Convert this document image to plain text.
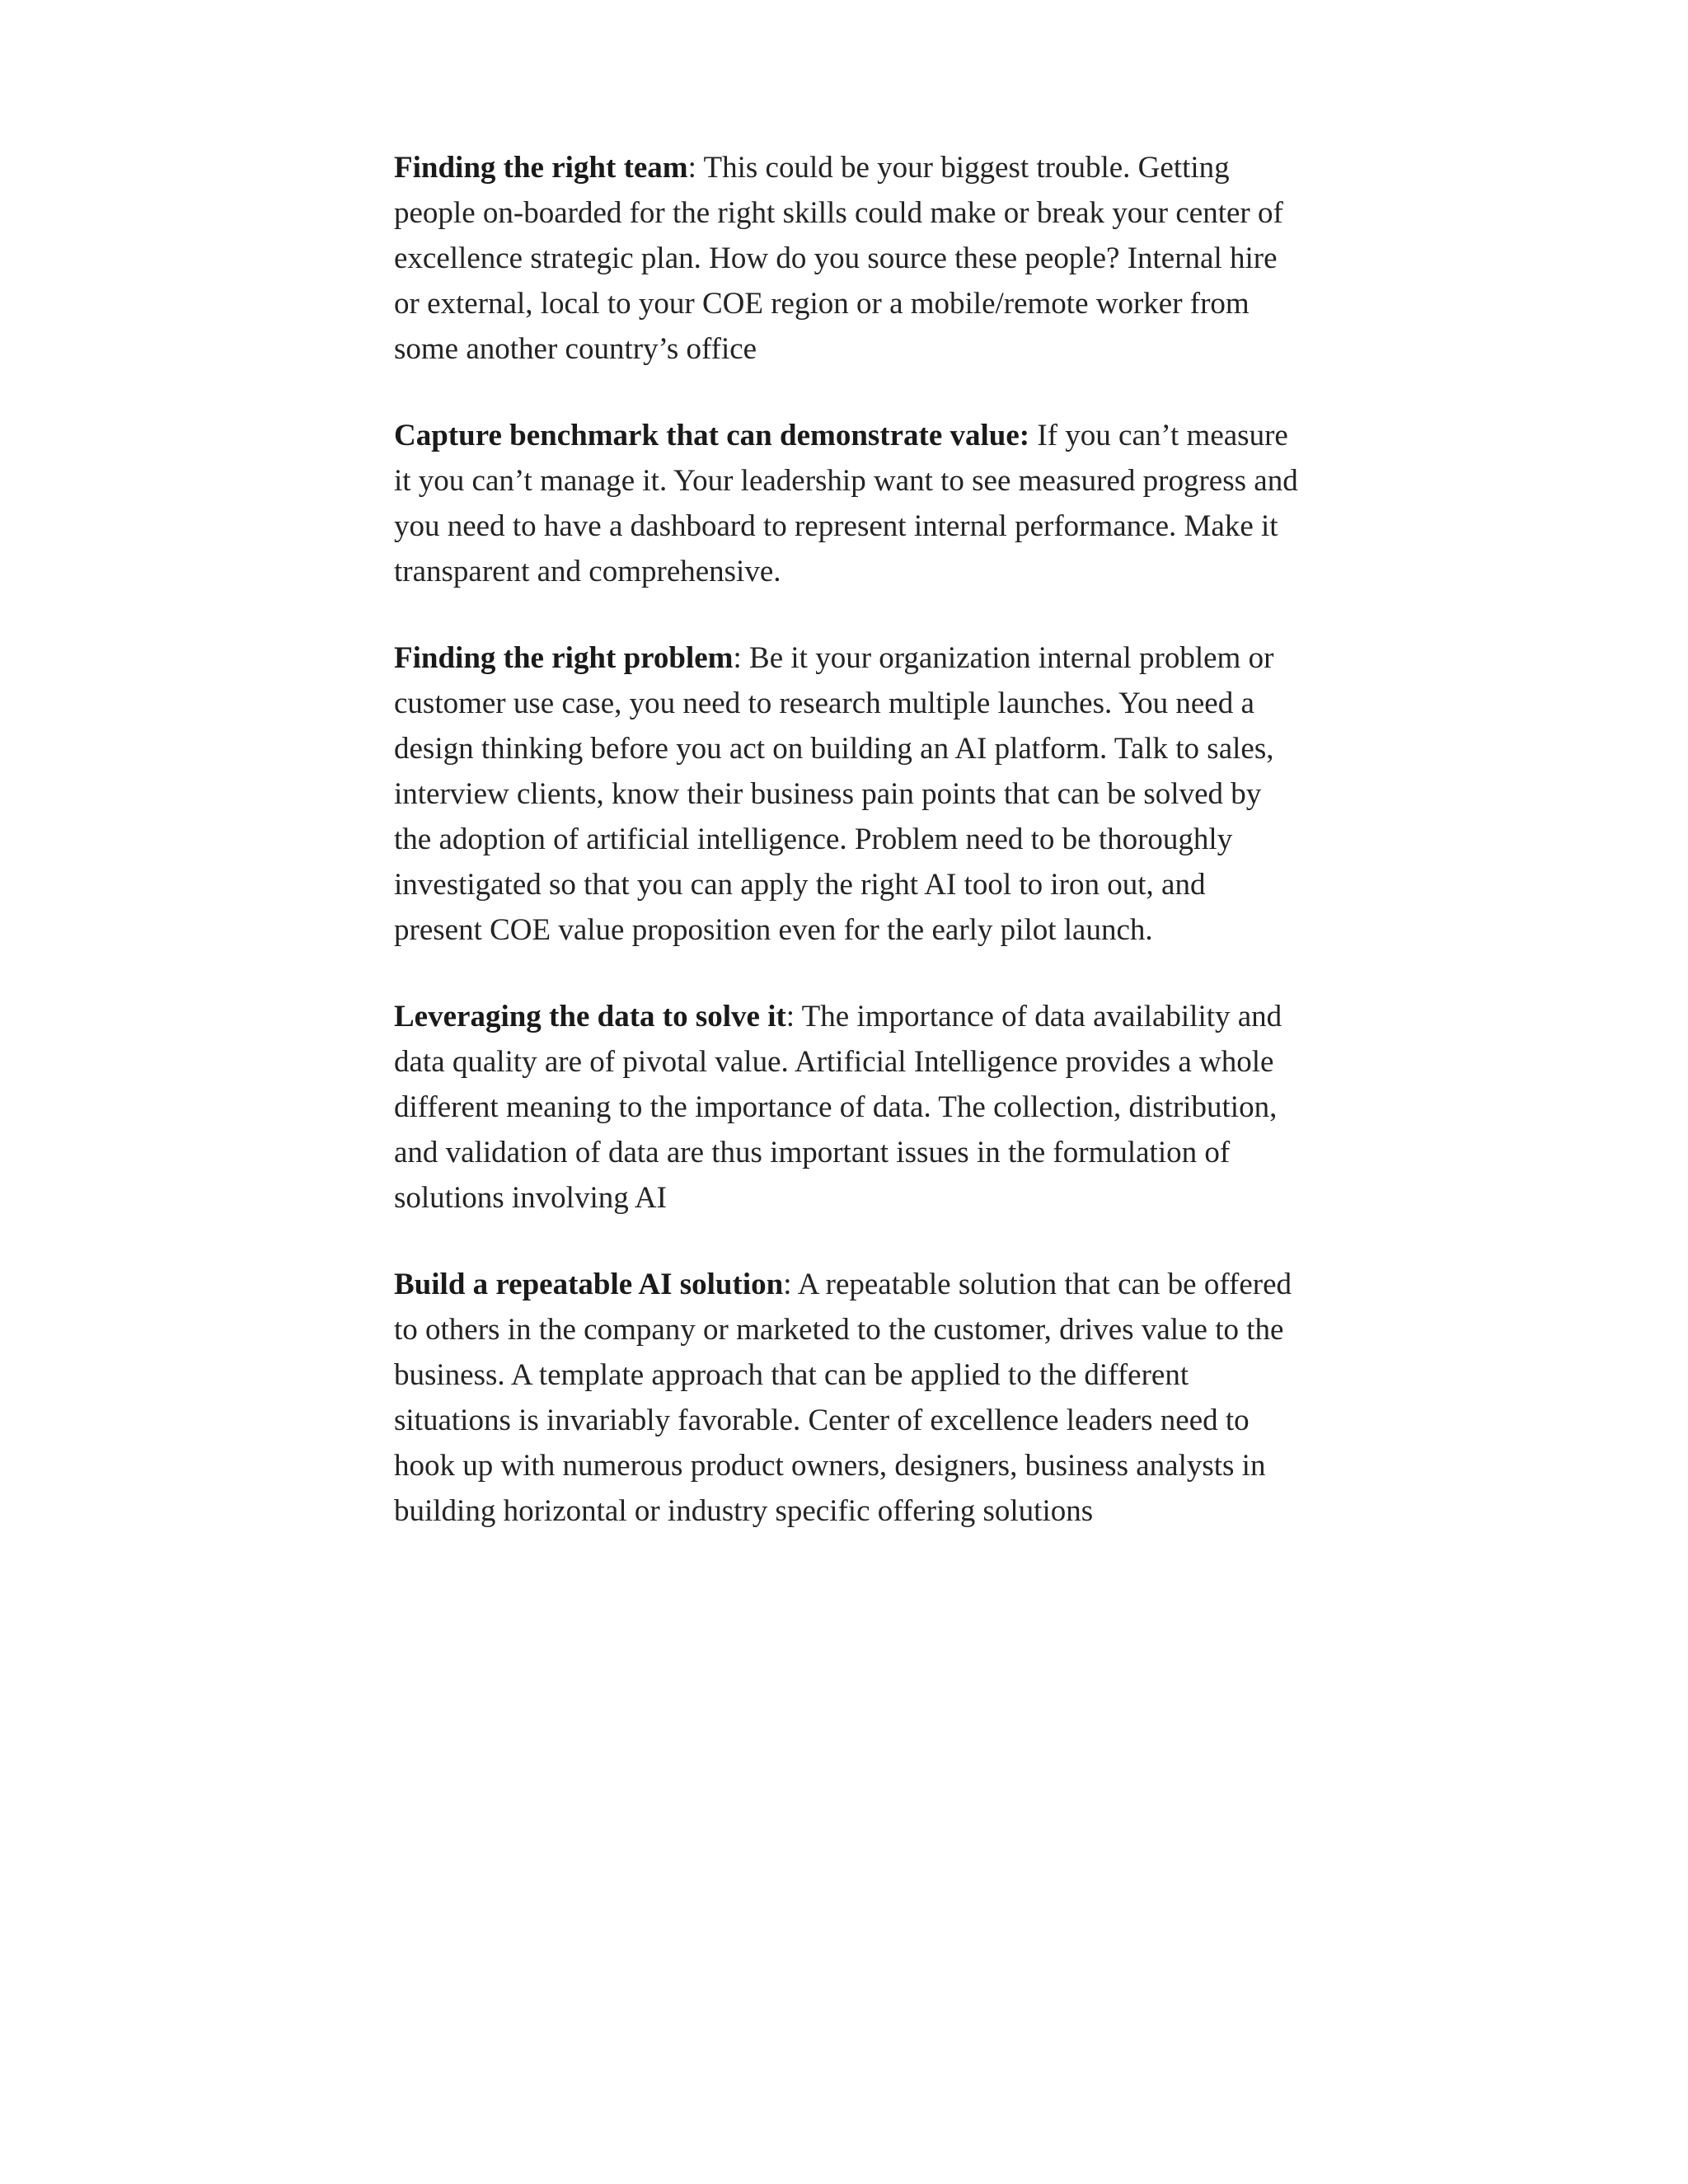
Finding the right team: This could be your biggest trouble. Getting people on-boarded for the right skills could make or break your center of excellence strategic plan. How do you source these people? Internal hire or external, local to your COE region or a mobile/remote worker from some another country’s office

Capture benchmark that can demonstrate value: If you can’t measure it you can’t manage it. Your leadership want to see measured progress and you need to have a dashboard to represent internal performance. Make it transparent and comprehensive.

Finding the right problem: Be it your organization internal problem or customer use case, you need to research multiple launches. You need a design thinking before you act on building an AI platform. Talk to sales, interview clients, know their business pain points that can be solved by the adoption of artificial intelligence. Problem need to be thoroughly investigated so that you can apply the right AI tool to iron out, and present COE value proposition even for the early pilot launch.

Leveraging the data to solve it: The importance of data availability and data quality are of pivotal value. Artificial Intelligence provides a whole different meaning to the importance of data. The collection, distribution, and validation of data are thus important issues in the formulation of solutions involving AI

Build a repeatable AI solution: A repeatable solution that can be offered to others in the company or marketed to the customer, drives value to the business. A template approach that can be applied to the different situations is invariably favorable. Center of excellence leaders need to hook up with numerous product owners, designers, business analysts in building horizontal or industry specific offering solutions
